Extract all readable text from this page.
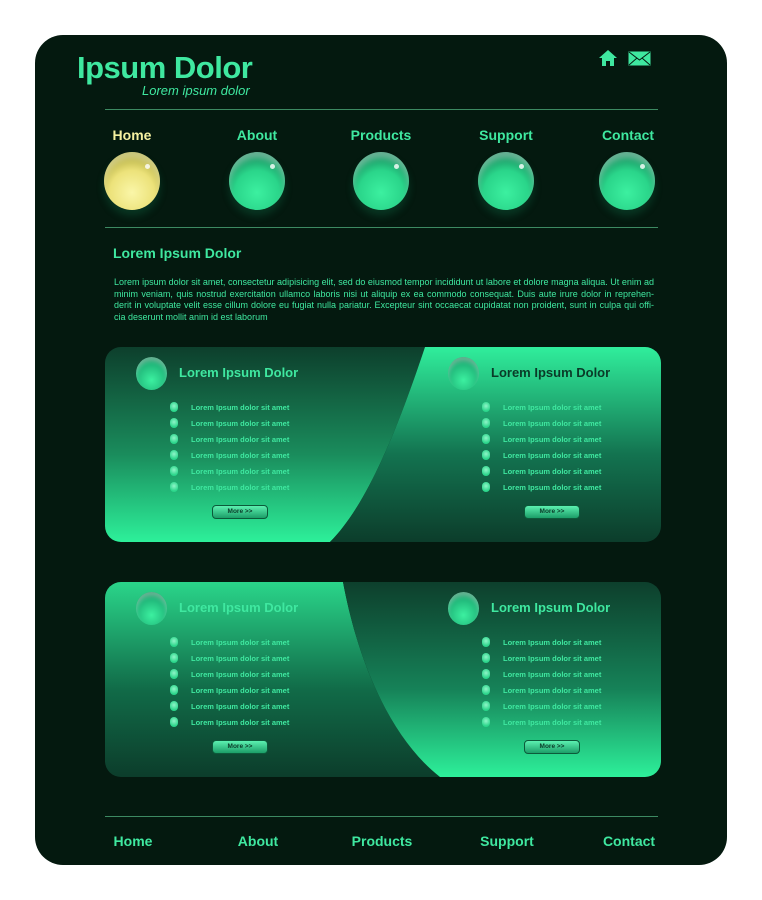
Ipsum Dolor
Lorem ipsum dolor
Home	About	Products	Support	Contact
Lorem Ipsum Dolor
Lorem ipsum dolor sit amet, consectetur adipisicing elit, sed do eiusmod tempor incididunt ut labore et dolore magna aliqua. Ut enim ad minim veniam, quis nostrud exercitation ullamco laboris nisi ut aliquip ex ea commodo consequat. Duis aute irure dolor in reprehen-derit in voluptate velit esse cillum dolore eu fugiat nulla pariatur. Excepteur sint occaecat cupidatat non proident, sunt in culpa qui offi-cia deserunt mollit anim id est laborum
Lorem Ipsum Dolor
Lorem Ipsum dolor sit amet
Lorem Ipsum dolor sit amet
Lorem Ipsum dolor sit amet
Lorem Ipsum dolor sit amet
Lorem Ipsum dolor sit amet
Lorem Ipsum dolor sit amet
More >>
Lorem Ipsum Dolor
Lorem Ipsum dolor sit amet
Lorem Ipsum dolor sit amet
Lorem Ipsum dolor sit amet
Lorem Ipsum dolor sit amet
Lorem Ipsum dolor sit amet
Lorem Ipsum dolor sit amet
More >>
Lorem Ipsum Dolor
Lorem Ipsum dolor sit amet
Lorem Ipsum dolor sit amet
Lorem Ipsum dolor sit amet
Lorem Ipsum dolor sit amet
Lorem Ipsum dolor sit amet
Lorem Ipsum dolor sit amet
More >>
Lorem Ipsum Dolor
Lorem Ipsum dolor sit amet
Lorem Ipsum dolor sit amet
Lorem Ipsum dolor sit amet
Lorem Ipsum dolor sit amet
Lorem Ipsum dolor sit amet
Lorem Ipsum dolor sit amet
More >>
Home	About	Products	Support	Contact
